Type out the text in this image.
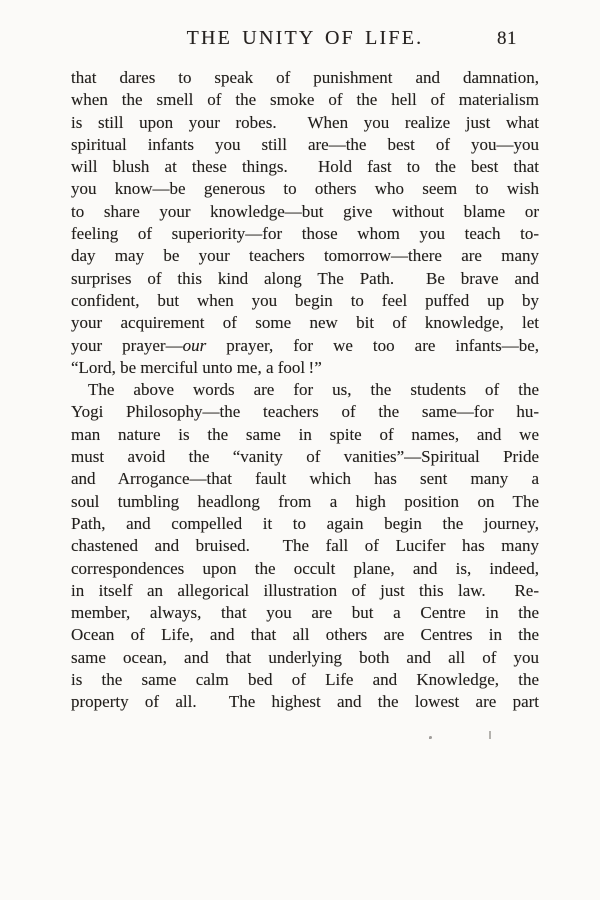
THE UNITY OF LIFE.	81
that dares to speak of punishment and damnation,
when the smell of the smoke of the hell of materialism
is still upon your robes.  When you realize just what
spiritual infants you still are—the best of you—you
will blush at these things.  Hold fast to the best that
you know—be generous to others who seem to wish
to share your knowledge—but give without blame or
feeling of superiority—for those whom you teach to-
day may be your teachers tomorrow—there are many
surprises of this kind along The Path.  Be brave and
confident, but when you begin to feel puffed up by
your acquirement of some new bit of knowledge, let
your prayer—our prayer, for we too are infants—be,
“Lord, be merciful unto me, a fool !”
The above words are for us, the students of the
Yogi Philosophy—the teachers of the same—for hu-
man nature is the same in spite of names, and we
must avoid the “vanity of vanities”—Spiritual Pride
and Arrogance—that fault which has sent many a
soul tumbling headlong from a high position on The
Path, and compelled it to again begin the journey,
chastened and bruised.  The fall of Lucifer has many
correspondences upon the occult plane, and is, indeed,
in itself an allegorical illustration of just this law.  Re-
member, always, that you are but a Centre in the
Ocean of Life, and that all others are Centres in the
same ocean, and that underlying both and all of you
is the same calm bed of Life and Knowledge, the
property of all.  The highest and the lowest are part
